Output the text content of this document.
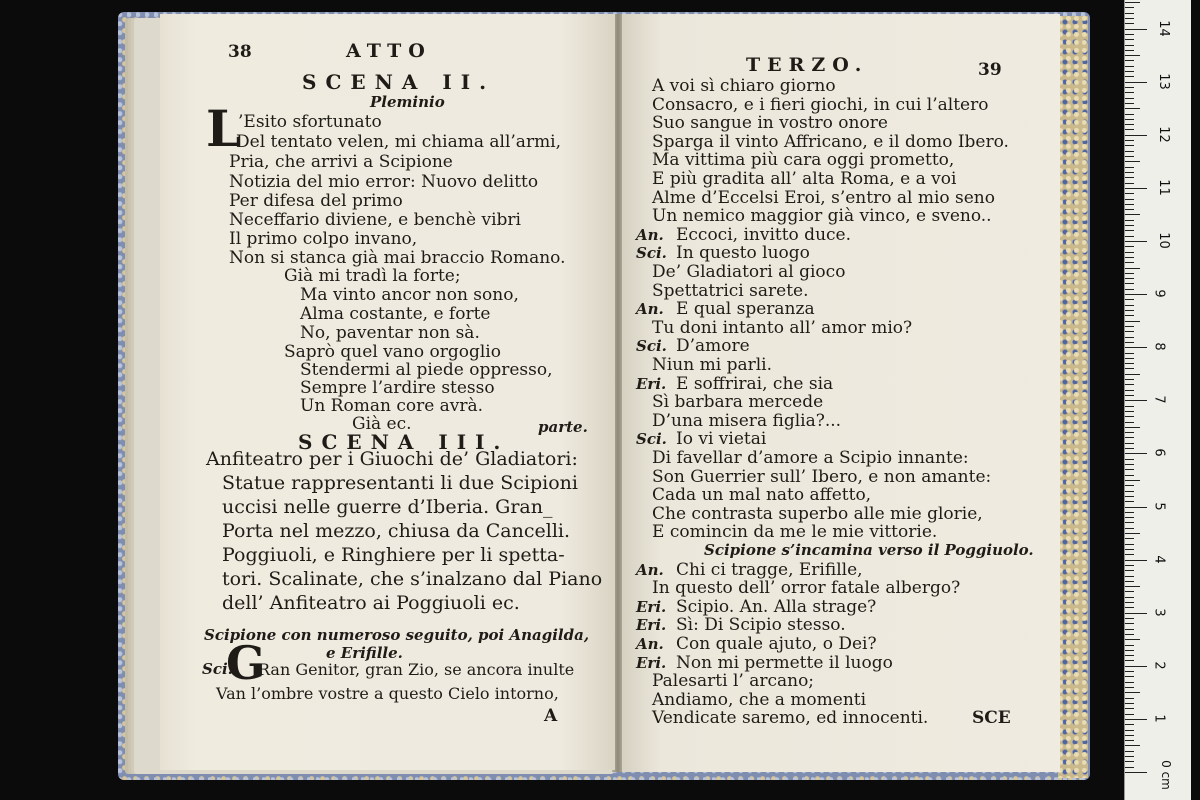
38	ATTO
SCENA II.
Pleminio
L
’Esito sfortunato
Del tentato velen, mi chiama all’armi,
Pria, che arrivi a Scipione
Notizia del mio error: Nuovo delitto
Per difesa del primo
Neceffario diviene, e benchè vibri
Il primo colpo invano,
Non si stanca già mai braccio Romano.
Già mi tradì la forte;
Ma vinto ancor non sono,
Alma costante, e forte
No, paventar non sà.
Saprò quel vano orgoglio
Stendermi al piede oppresso,
Sempre l’ardire stesso
Un Roman core avrà.
Già ec.	parte.
SCENA III.
Anfiteatro per i Giuochi de’ Gladiatori:
Statue rappresentanti li due Scipioni
uccisi nelle guerre d’Iberia. Gran_
Porta nel mezzo, chiusa da Cancelli.
Poggiuoli, e Ringhiere per li spetta-
tori. Scalinate, che s’inalzano dal Piano
dell’ Anfiteatro ai Poggiuoli ec.
Scipione con numeroso seguito, poi Anagilda,
e Erifille.
Sci.
G
Ran Genitor, gran Zio, se ancora inulte
Van l’ombre vostre a questo Cielo intorno,
A
TERZO.	39
A voi sì chiaro giorno
Consacro, e i fieri giochi, in cui l’altero
Suo sangue in vostro onore
Sparga il vinto Affricano, e il domo Ibero.
Ma vittima più cara oggi prometto,
E più gradita all’ alta Roma, e a voi
Alme d’Eccelsi Eroi, s’entro al mio seno
Un nemico maggior già vinco, e sveno..
An. Eccoci, invitto duce.
Sci. In questo luogo
De’ Gladiatori al gioco
Spettatrici sarete.
An. E qual speranza
Tu doni intanto all’ amor mio?
Sci. D’amore
Niun mi parli.
Eri. E soffrirai, che sia
Sì barbara mercede
D’una misera figlia?...
Sci. Io vi vietai
Di favellar d’amore a Scipio innante:
Son Guerrier sull’ Ibero, e non amante:
Cada un mal nato affetto,
Che contrasta superbo alle mie glorie,
E comincin da me le mie vittorie.
Scipione s’incamina verso il Poggiuolo.
An. Chi ci tragge, Erifille,
In questo dell’ orror fatale albergo?
Eri. Scipio. An. Alla strage?
Eri. Sì: Di Scipio stesso.
An. Con quale ajuto, o Dei?
Eri. Non mi permette il luogo
Palesarti l’ arcano;
Andiamo, che a momenti
Vendicate saremo, ed innocenti.	SCE	1
2
3
4
5
6
7
8
9
10
11
12
13
14
0 cm
